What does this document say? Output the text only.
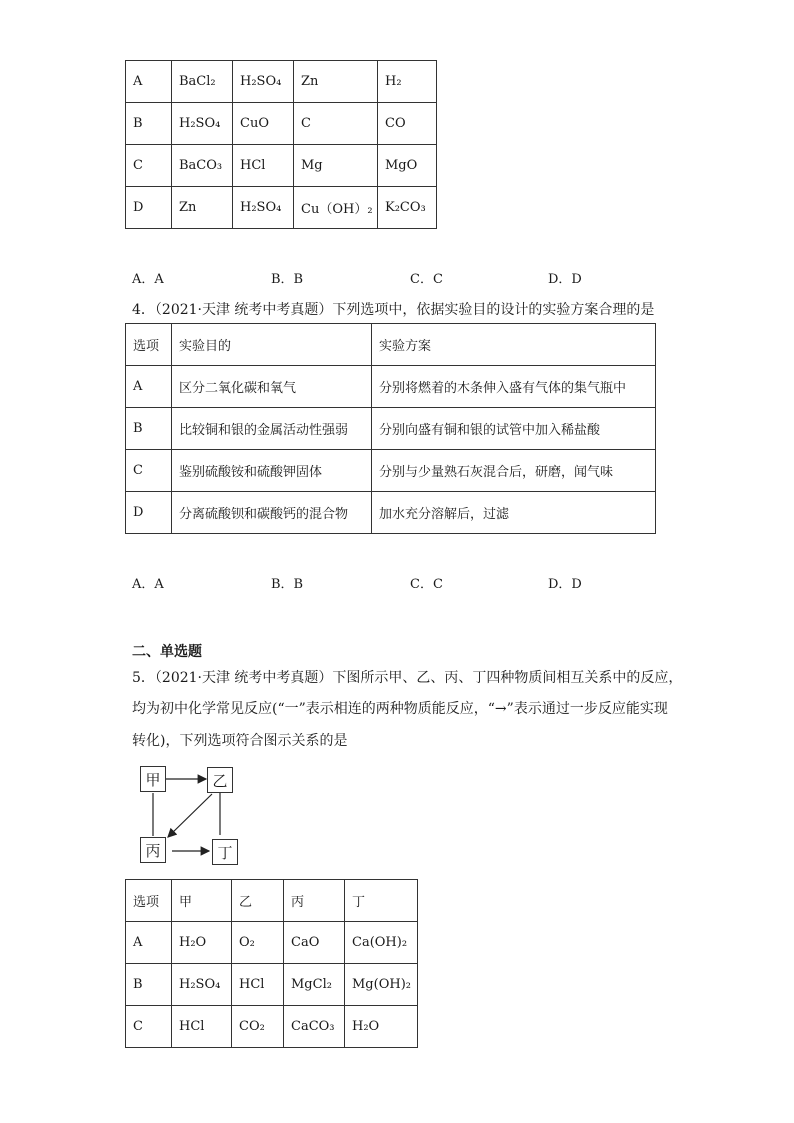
A	BaCl₂	H₂SO₄	Zn	H₂
B	H₂SO₄	CuO	C	CO
C	BaCO₃	HCl	Mg	MgO
D	Zn	H₂SO₄	Cu（OH）₂	K₂CO₃
A．A	B．B	C．C	D．D
4．（2021·天津 统考中考真题）下列选项中，依据实验目的设计的实验方案合理的是
选项	实验目的	实验方案
A	区分二氧化碳和氧气	分别将燃着的木条伸入盛有气体的集气瓶中
B	比较铜和银的金属活动性强弱	分别向盛有铜和银的试管中加入稀盐酸
C	鉴别硫酸铵和硫酸钾固体	分别与少量熟石灰混合后，研磨，闻气味
D	分离硫酸钡和碳酸钙的混合物	加水充分溶解后，过滤
A．A	B．B	C．C	D．D
二、单选题
5．（2021·天津 统考中考真题）下图所示甲、乙、丙、丁四种物质间相互关系中的反应，
均为初中化学常见反应(“一”表示相连的两种物质能反应，“→”表示通过一步反应能实现
转化)，下列选项符合图示关系的是
甲	乙
丙	丁
选项	甲	乙	丙	丁
A	H₂O	O₂	CaO	Ca(OH)₂
B	H₂SO₄	HCl	MgCl₂	Mg(OH)₂
C	HCl	CO₂	CaCO₃	H₂O
